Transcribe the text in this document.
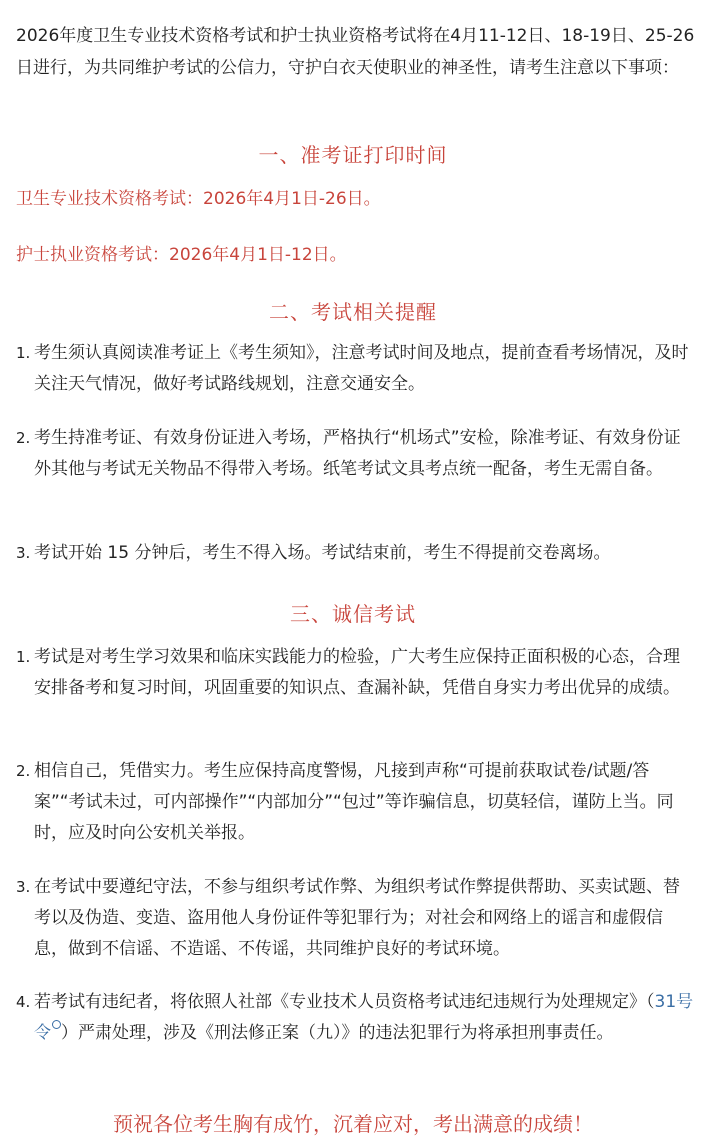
2026年度卫生专业技术资格考试和护士执业资格考试将在4月11-12日、18-19日、25-26日进行，为共同维护考试的公信力，守护白衣天使职业的神圣性，请考生注意以下事项：
一、准考证打印时间
卫生专业技术资格考试：2026年4月1日-26日。
护士执业资格考试：2026年4月1日-12日。
二、考试相关提醒
1. 考生须认真阅读准考证上《考生须知》，注意考试时间及地点，提前查看考场情况，及时关注天气情况，做好考试路线规划，注意交通安全。
2. 考生持准考证、有效身份证进入考场，严格执行“机场式”安检，除准考证、有效身份证外其他与考试无关物品不得带入考场。纸笔考试文具考点统一配备，考生无需自备。
3. 考试开始 15 分钟后，考生不得入场。考试结束前，考生不得提前交卷离场。
三、诚信考试
1. 考试是对考生学习效果和临床实践能力的检验，广大考生应保持正面积极的心态，合理安排备考和复习时间，巩固重要的知识点、查漏补缺，凭借自身实力考出优异的成绩。
2. 相信自己，凭借实力。考生应保持高度警惕，凡接到声称“可提前获取试卷/试题/答案”“考试未过，可内部操作”“内部加分”“包过”等诈骗信息，切莫轻信，谨防上当。同时，应及时向公安机关举报。
3. 在考试中要遵纪守法，不参与组织考试作弊、为组织考试作弊提供帮助、买卖试题、替考以及伪造、变造、盗用他人身份证件等犯罪行为；对社会和网络上的谣言和虚假信息，做到不信谣、不造谣、不传谣，共同维护良好的考试环境。
4. 若考试有违纪者，将依照人社部《专业技术人员资格考试违纪违规行为处理规定》（31号令 ）严肃处理，涉及《刑法修正案（九）》的违法犯罪行为将承担刑事责任。
预祝各位考生胸有成竹，沉着应对，考出满意的成绩！
